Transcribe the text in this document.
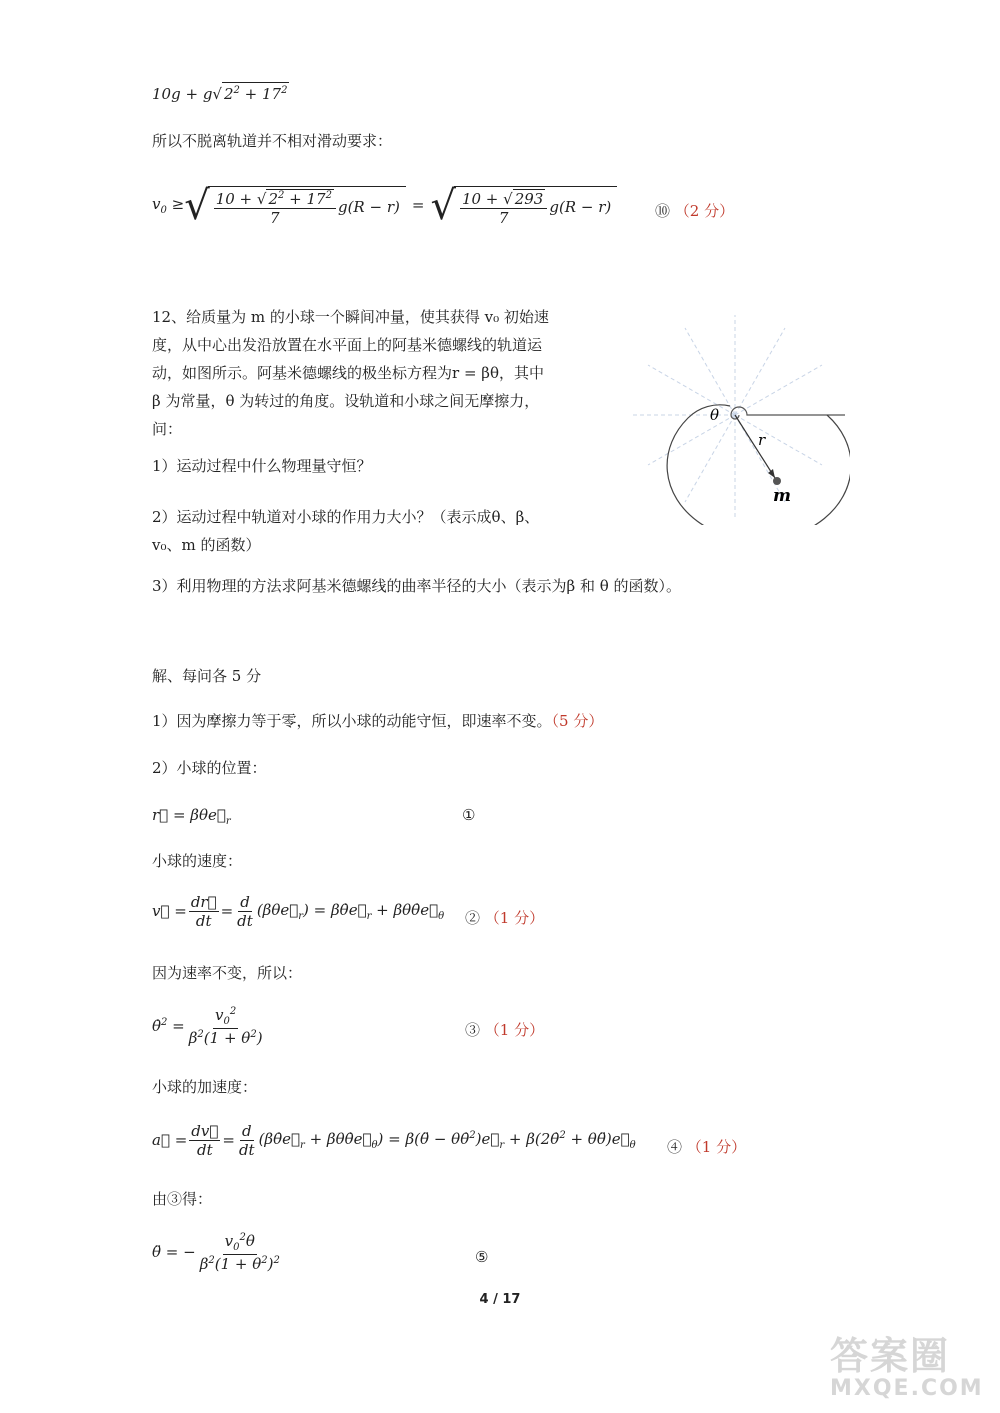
10g + g√ $2^2 + 17^2$
所以不脱离轨道并不相对滑动要求：
$v_0$ ≥ √ $\frac{10 + √ 2^2 + 17^2}{7} g(R - r)$ = √ $\frac{10 + √ 293}{7} g(R - r)$	⑩ （2 分）
12、给质量为 m 的小球一个瞬间冲量，使其获得 v₀ 初始速
度，从中心出发沿放置在水平面上的阿基米德螺线的轨道运
动，如图所示。阿基米德螺线的极坐标方程为r = βθ，其中
β 为常量，θ 为转过的角度。设轨道和小球之间无摩擦力，
问：
1）运动过程中什么物理量守恒？
2）运动过程中轨道对小球的作用力大小？（表示成θ、β、
v₀、m 的函数）
3）利用物理的方法求阿基米德螺线的曲率半径的大小（表示为β 和 θ 的函数）。
θ
r
m
解、每问各 5 分
1）因为摩擦力等于零，所以小球的动能守恒，即速率不变。（5 分）
2）小球的位置：
r⃗ = $\beta\theta e⃗_r$	①
小球的速度：
v⃗ = $\frac{dr⃗}{dt} = \frac{d}{dt}$ $(\beta\theta e⃗_r)$ = $\beta\thetȧe⃗_r$ + $\beta\theta\thetȧe⃗_\theta$ ② （1 分）
因为速率不变，所以：
θ̇$^2$ = $\frac{v_0^2}{\beta^2(1 + \theta^2)}$	③ （1 分）
小球的加速度：
a⃗ = $\frac{dv⃗}{dt} = \frac{d}{dt}$ ($\beta\thetȧe⃗_r$ + $\beta\theta\thetȧe⃗_\theta$) = β(θ̈ − $\theta\thetȧ^2)e⃗_r$ + β(2θ̇$^2$ + $\theta\thetä)e⃗_\theta$ ④ （1 分）
由③得：
θ̈ = − $\frac{v_0^2\theta}{\beta^2(1 + \theta^2)^2}$	⑤
4 / 17
答案圈
MXQE.COM
